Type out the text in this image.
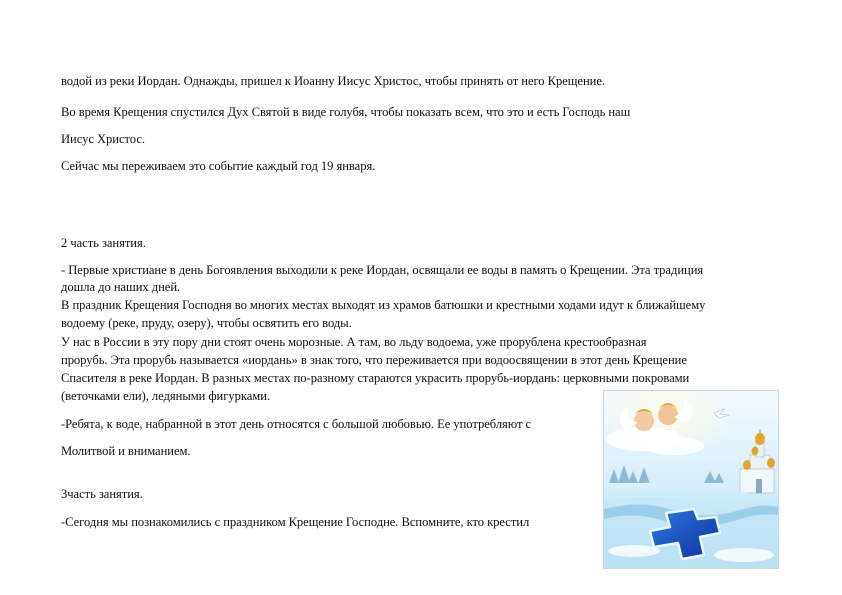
водой из реки Иордан. Однажды, пришел к Иоанну Иисус Христос, чтобы принять от него Крещение.
Во время Крещения спустился Дух Святой в виде голубя, чтобы показать всем, что это и есть Господь наш
Иисус Христос.
Сейчас мы переживаем это событие каждый год 19 января.
2 часть занятия.
- Первые христиане в день Богоявления выходили к реке Иордан, освящали ее воды в память о Крещении. Эта традиция
дошла до наших дней.
В праздник Крещения Господня во многих местах выходят из храмов батюшки и крестными ходами идут к ближайшему
водоему (реке, пруду, озеру), чтобы освятить его воды.
У нас в России в эту пору дни стоят очень морозные. А там, во льду водоема, уже прорублена крестообразная
прорубь. Эта прорубь называется «иордань» в знак того, что переживается при водоосвящении в этот день Крещение
Спасителя в реке Иордан. В разных местах по-разному стараются украсить прорубь-иордань: церковными покровами
(веточками ели), ледяными фигурками.
-Ребята, к воде, набранной в этот день относятся с большой любовью. Ее употребляют с
Молитвой и вниманием.
3часть занятия.
-Сегодня мы познакомились с праздником Крещение Господне. Вспомните, кто крестил
